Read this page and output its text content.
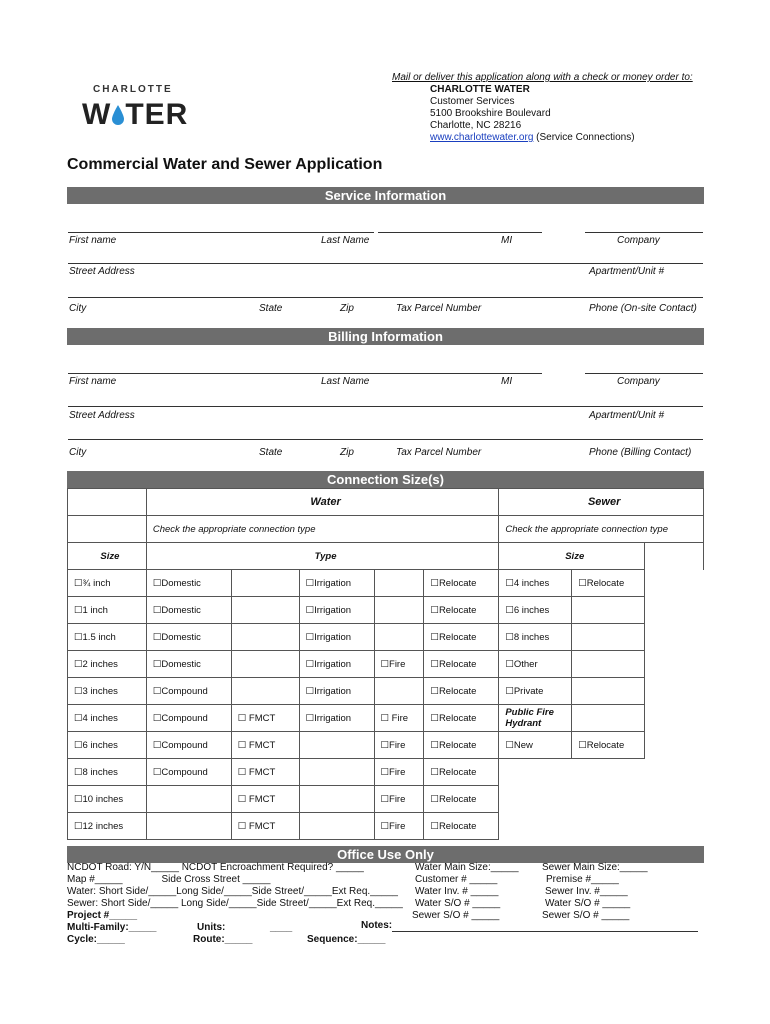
CHARLOTTE
W TER
Mail or deliver this application along with a check or money order to:
CHARLOTTE WATER
Customer Services
5100 Brookshire Boulevard
Charlotte, NC 28216
www.charlottewater.org (Service Connections)
Commercial Water and Sewer Application
Service Information
First name	Last Name	MI	Company
Street Address	Apartment/Unit #
City	State	Zip	Tax Parcel Number	Phone (On-site Contact)
Billing Information
First name	Last Name	MI	Company
Street Address	Apartment/Unit #
City	State	Zip	Tax Parcel Number	Phone (Billing Contact)
Connection Size(s)
	Water					Sewer		
	Check the appropriate connection type					Check the appropriate connection type		
Size	Type					Size		
☐¾ inch	☐Domestic		☐Irrigation		☐Relocate	☐4 inches	☐Relocate	
☐1 inch	☐Domestic		☐Irrigation		☐Relocate	☐6 inches		
☐1.5 inch	☐Domestic		☐Irrigation		☐Relocate	☐8 inches		
☐2 inches	☐Domestic		☐Irrigation	☐Fire	☐Relocate	☐Other		
☐3 inches	☐Compound		☐Irrigation		☐Relocate	☐Private		
☐4 inches	☐Compound	☐ FMCT	☐Irrigation	☐ Fire	☐Relocate	Public Fire Hydrant		
☐6 inches	☐Compound	☐ FMCT		☐Fire	☐Relocate	☐New	☐Relocate	
☐8 inches	☐Compound	☐ FMCT		☐Fire	☐Relocate			
☐10 inches		☐ FMCT		☐Fire	☐Relocate			
☐12 inches		☐ FMCT		☐Fire	☐Relocate			
Office Use Only
NCDOT Road: Y/N_____ NCDOT Encroachment Required? _____
Map #_____              Side Cross Street _____
Water: Short Side/_____Long Side/_____Side Street/_____Ext Req._____
Sewer: Short Side/_____ Long Side/_____Side Street/_____Ext Req._____
Project #_____
Multi-Family:_____
Cycle:_____
Units:	____
Route:_____
Notes:
Sequence:_____
Water Main Size:_____
Customer # _____
Water Inv. # _____
Water S/O # _____
Sewer S/O # _____
Sewer Main Size:_____
Premise #_____
Sewer Inv. #_____
Water S/O # _____
Sewer S/O # _____
